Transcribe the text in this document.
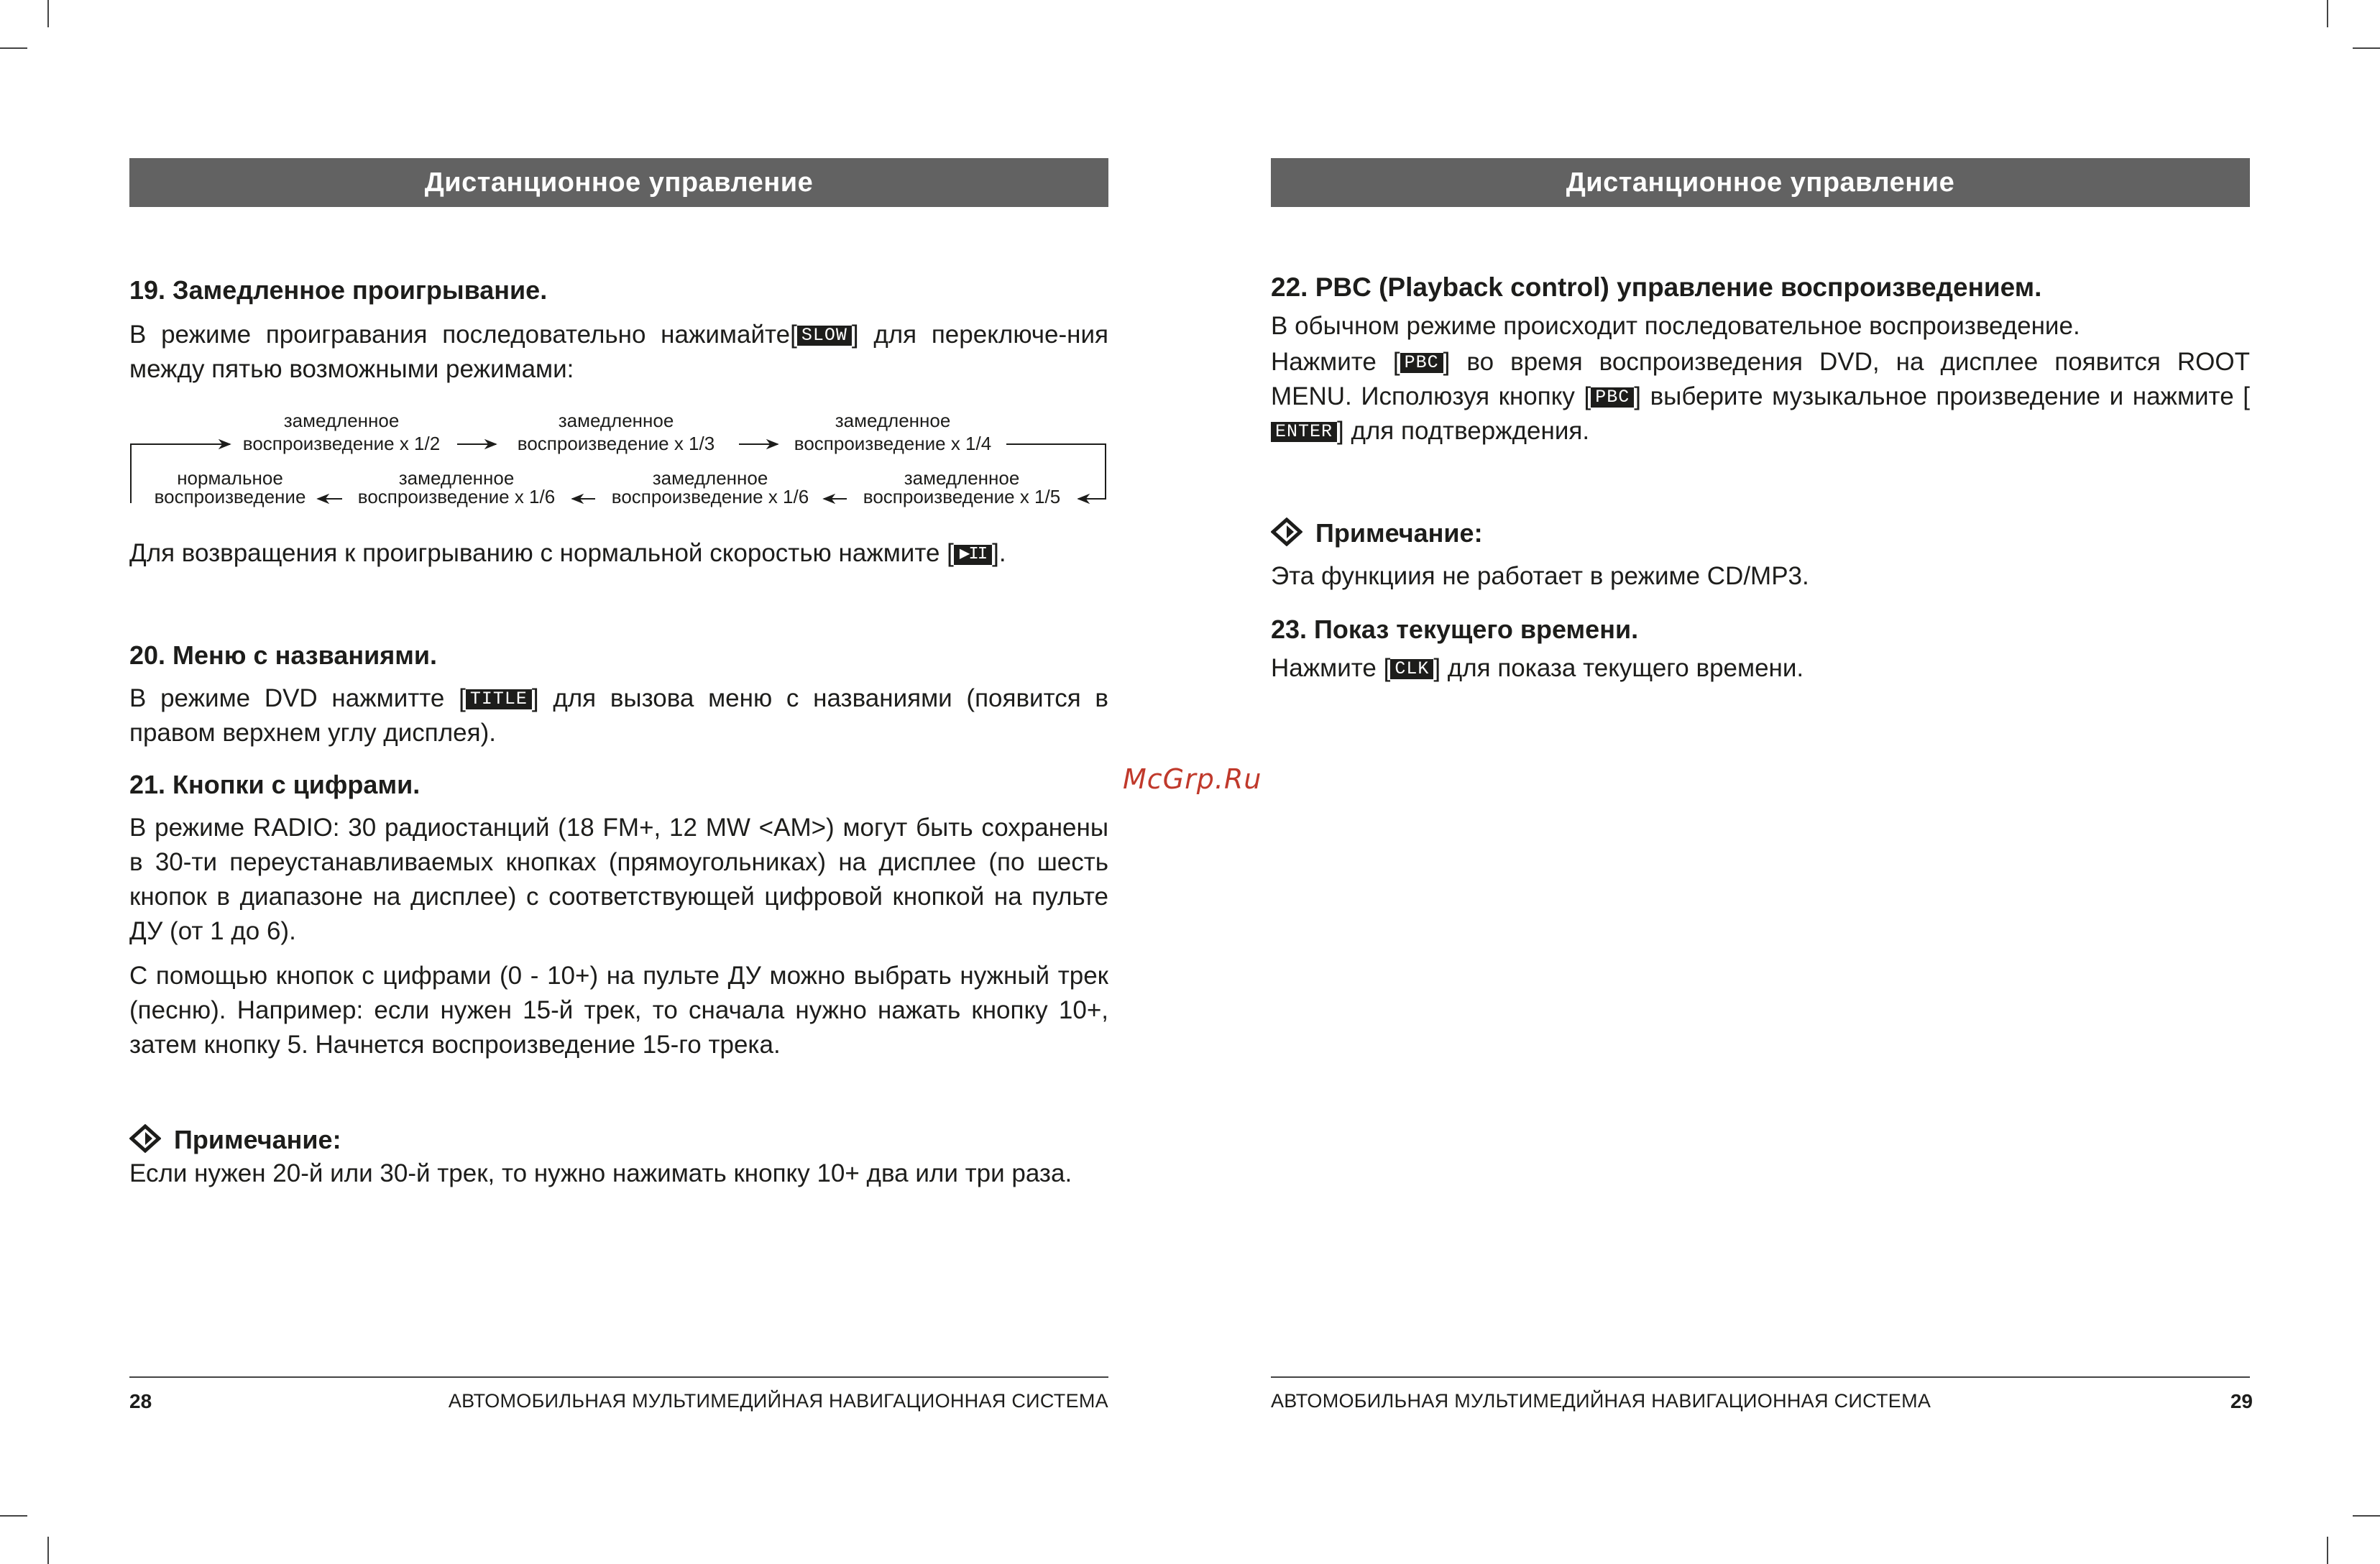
Дистанционное управление

19. Замедленное проигрывание.

В режиме проигравания последовательно нажимайте[ SLOW ] для переключе-ния между пятью возможными режимами:

замедленное
воспроизведение х 1/2
замедленное
воспроизведение х 1/3
замедленное
воспроизведение х 1/4
нормальное
воспроизведение
замедленное
воспроизведение х 1/6
замедленное
воспроизведение х 1/6
замедленное
воспроизведение х 1/5

Для возвращения к проигрыванию с нормальной скоростью нажмите [ ▶II ].

20. Меню с названиями.

В режиме DVD нажмитте [ TITLE ] для вызова меню с названиями (появится в правом верхнем углу дисплея).

21. Кнопки с цифрами.

В режиме RADIO: 30 радиостанций (18 FM+, 12 MW <AM>) могут быть сохранены в 30-ти переустанавливаемых кнопках (прямоугольниках) на дисплее (по шесть кнопок в диапазоне на дисплее) с соответствующей цифровой кнопкой на пульте ДУ (от 1 до 6).

С помощью кнопок с цифрами (0 - 10+) на пульте ДУ можно выбрать нужный трек (песню). Например: если нужен 15-й трек, то сначала нужно нажать кнопку 10+, затем кнопку 5. Начнется воспроизведение 15-го трека.

Примечание:

Если нужен 20-й или 30-й трек, то нужно нажимать кнопку 10+ два или три раза.

28	АВТОМОБИЛЬНАЯ МУЛЬТИМЕДИЙНАЯ НАВИГАЦИОННАЯ СИСТЕМА
McGrp.Ru
Дистанционное управление

22. PBC (Playback control) управление воспроизведением.

В обычном режиме происходит последовательное воспроизведение.

Нажмите [ PBC ] во время воспроизведения DVD, на дисплее появится ROOT MENU. Исполюзуя кнопку [ PBC ] выберите музыкальное произведение и нажмите [ENTER ] для подтверждения.

Примечание:

Эта функциия не работает в режиме CD/MP3.

23. Показ текущего времени.

Нажмите [ CLK ] для показа текущего времени.

АВТОМОБИЛЬНАЯ МУЛЬТИМЕДИЙНАЯ НАВИГАЦИОННАЯ СИСТЕМА	29
